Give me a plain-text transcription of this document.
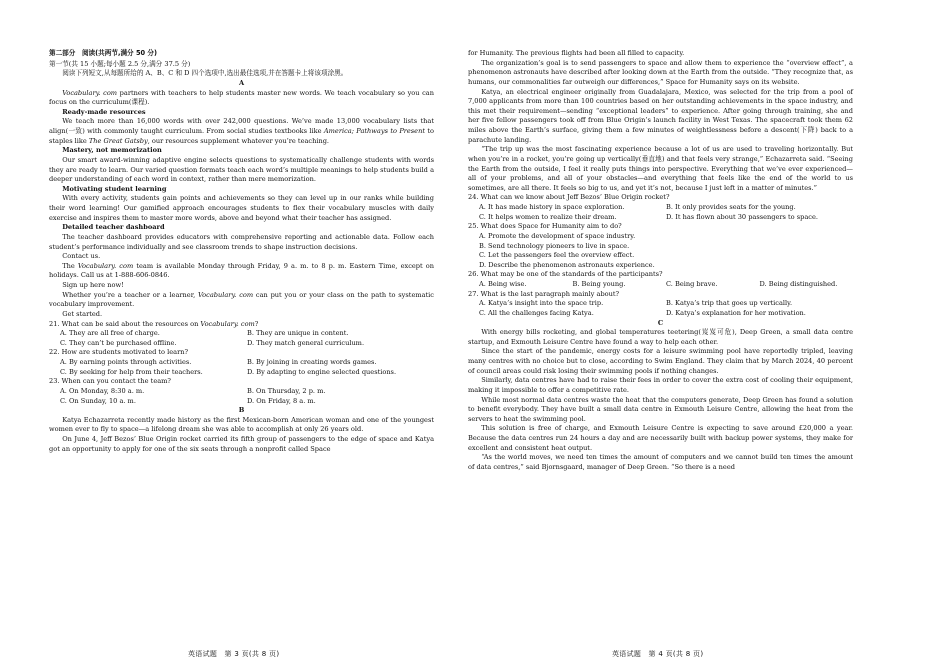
第二部分　阅读(共两节,满分 50 分)

第一节(共 15 小题;每小题 2.5 分,满分 37.5 分)

阅读下列短文,从每题所给的 A、B、C 和 D 四个选项中,选出最佳选项,并在答题卡上将该项涂黑。

A

Vocabulary. com partners with teachers to help students master new words. We teach vocabulary so you can focus on the curriculum(课程).

Ready-made resources

We teach more than 16,000 words with over 242,000 questions. We’ve made 13,000 vocabulary lists that align(一致) with commonly taught curriculum. From social studies textbooks like America; Pathways to Present to staples like The Great Gatsby, our resources supplement whatever you’re teaching.

Mastery, not memorization

Our smart award-winning adaptive engine selects questions to systematically challenge students with words they are ready to learn. Our varied question formats teach each word’s multiple meanings to help students build a deeper understanding of each word in context, rather than mere memorization.

Motivating student learning

With every activity, students gain points and achievements so they can level up in our ranks while building their word learning! Our gamified approach encourages students to flex their vocabulary muscles with daily exercise and inspires them to master more words, above and beyond what their teacher has assigned.

Detailed teacher dashboard

The teacher dashboard provides educators with comprehensive reporting and actionable data. Follow each student’s performance individually and see classroom trends to shape instruction decisions.

Contact us.

The Vocabulary. com team is available Monday through Friday, 9 a. m. to 8 p. m. Eastern Time, except on holidays. Call us at 1-888-606-0846.

Sign up here now!

Whether you’re a teacher or a learner, Vocabulary. com can put you or your class on the path to systematic vocabulary improvement.

Get started.

21. What can be said about the resources on Vocabulary. com?

A. They are all free of charge.	B. They are unique in content.
C. They can’t be purchased offline.	D. They match general curriculum.

22. How are students motivated to learn?

A. By earning points through activities.	B. By joining in creating words games.
C. By seeking for help from their teachers.	D. By adapting to engine selected questions.

23. When can you contact the team?

A. On Monday, 8:30 a. m.	B. On Thursday, 2 p. m.
C. On Sunday, 10 a. m.	D. On Friday, 8 a. m.

B

Katya Echazarreta recently made history as the first Mexican-born American woman and one of the youngest women ever to fly to space—a lifelong dream she was able to accomplish at only 26 years old.

On June 4, Jeff Bezos’ Blue Origin rocket carried its fifth group of passengers to the edge of space and Katya got an opportunity to apply for one of the six seats through a nonprofit called Space

for Humanity. The previous flights had been all filled to capacity.

The organization’s goal is to send passengers to space and allow them to experience the “overview effect”, a phenomenon astronauts have described after looking down at the Earth from the outside. “They recognize that, as humans, our commonalities far outweigh our differences,” Space for Humanity says on its website.

Katya, an electrical engineer originally from Guadalajara, Mexico, was selected for the trip from a pool of 7,000 applicants from more than 100 countries based on her outstanding achievements in the space industry, and this met their requirement—sending “exceptional leaders” to experience. After going through training, she and her five fellow passengers took off from Blue Origin’s launch facility in West Texas. The spacecraft took them 62 miles above the Earth’s surface, giving them a few minutes of weightlessness before a descent(下降) back to a parachute landing.

“The trip up was the most fascinating experience because a lot of us are used to traveling horizontally. But when you’re in a rocket, you’re going up vertically(垂直地) and that feels very strange,” Echazarreta said. “Seeing the Earth from the outside, I feel it really puts things into perspective. Everything that we’ve ever experienced—all of your problems, and all of your obstacles—and everything that feels like the end of the world to us sometimes, are all there. It feels so big to us, and yet it’s not, because I just left in a matter of minutes.”

24. What can we know about Jeff Bezos’ Blue Origin rocket?

A. It has made history in space exploration.	B. It only provides seats for the young.
C. It helps women to realize their dream.	D. It has flown about 30 passengers to space.

25. What does Space for Humanity aim to do?

A. Promote the development of space industry.
B. Send technology pioneers to live in space.
C. Let the passengers feel the overview effect.
D. Describe the phenomenon astronauts experience.

26. What may be one of the standards of the participants?

A. Being wise.	B. Being young.	C. Being brave.	D. Being distinguished.

27. What is the last paragraph mainly about?

A. Katya’s insight into the space trip.	B. Katya’s trip that goes up vertically.
C. All the challenges facing Katya.	D. Katya’s explanation for her motivation.

C

With energy bills rocketing, and global temperatures teetering(岌岌可危), Deep Green, a small data centre startup, and Exmouth Leisure Centre have found a way to help each other.

Since the start of the pandemic, energy costs for a leisure swimming pool have reportedly tripled, leaving many centres with no choice but to close, according to Swim England. They claim that by March 2024, 40 percent of council areas could risk losing their swimming pools if nothing changes.

Similarly, data centres have had to raise their fees in order to cover the extra cost of cooling their equipment, making it impossible to offer a competitive rate.

While most normal data centres waste the heat that the computers generate, Deep Green has found a solution to benefit everybody. They have built a small data centre in Exmouth Leisure Centre, allowing the heat from the servers to heat the swimming pool.

This solution is free of charge, and Exmouth Leisure Centre is expecting to save around £20,000 a year. Because the data centres run 24 hours a day and are necessarily built with backup power systems, they make for excellent and consistent heat output.

“As the world moves, we need ten times the amount of computers and we cannot build ten times the amount of data centres,” said Bjornsgaard, manager of Deep Green. “So there is a need

英语试题　第 3 页(共 8 页)	英语试题　第 4 页(共 8 页)
